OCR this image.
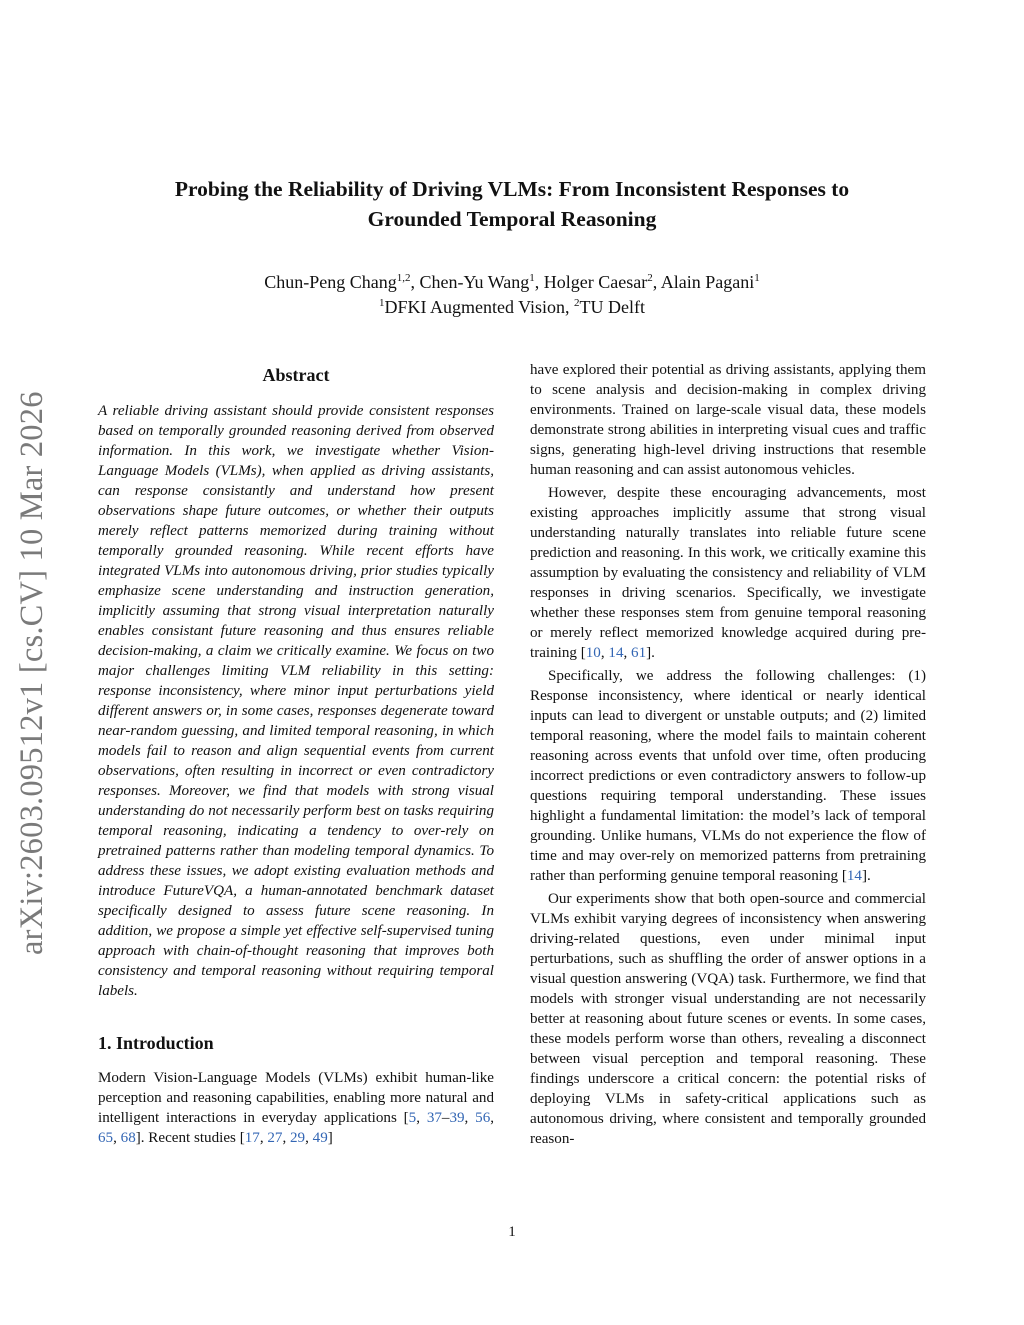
arXiv:2603.09512v1 [cs.CV] 10 Mar 2026
Probing the Reliability of Driving VLMs: From Inconsistent Responses to
Grounded Temporal Reasoning
Chun-Peng Chang$^{1,2}$, Chen-Yu Wang$^1$, Holger Caesar$^2$, Alain Pagani$^1$
$^1$DFKI Augmented Vision, $^2$TU Delft
Abstract

A reliable driving assistant should provide consistent responses based on temporally grounded reasoning derived from observed information. In this work, we investigate whether Vision-Language Models (VLMs), when applied as driving assistants, can response consistantly and understand how present observations shape future outcomes, or whether their outputs merely reflect patterns memorized during training without temporally grounded reasoning. While recent efforts have integrated VLMs into autonomous driving, prior studies typically emphasize scene understanding and instruction generation, implicitly assuming that strong visual interpretation naturally enables consistant future reasoning and thus ensures reliable decision-making, a claim we critically examine. We focus on two major challenges limiting VLM reliability in this setting: response inconsistency, where minor input perturbations yield different answers or, in some cases, responses degenerate toward near-random guessing, and limited temporal reasoning, in which models fail to reason and align sequential events from current observations, often resulting in incorrect or even contradictory responses. Moreover, we find that models with strong visual understanding do not necessarily perform best on tasks requiring temporal reasoning, indicating a tendency to over-rely on pretrained patterns rather than modeling temporal dynamics. To address these issues, we adopt existing evaluation methods and introduce FutureVQA, a human-annotated benchmark dataset specifically designed to assess future scene reasoning. In addition, we propose a simple yet effective self-supervised tuning approach with chain-of-thought reasoning that improves both consistency and temporal reasoning without requiring temporal labels.

1. Introduction

Modern Vision-Language Models (VLMs) exhibit human-like perception and reasoning capabilities, enabling more natural and intelligent interactions in everyday applications [5, 37–39, 56, 65, 68]. Recent studies [17, 27, 29, 49]

have explored their potential as driving assistants, applying them to scene analysis and decision-making in complex driving environments. Trained on large-scale visual data, these models demonstrate strong abilities in interpreting visual cues and traffic signs, generating high-level driving instructions that resemble human reasoning and can assist autonomous vehicles.

However, despite these encouraging advancements, most existing approaches implicitly assume that strong visual understanding naturally translates into reliable future scene prediction and reasoning. In this work, we critically examine this assumption by evaluating the consistency and reliability of VLM responses in driving scenarios. Specifically, we investigate whether these responses stem from genuine temporal reasoning or merely reflect memorized knowledge acquired during pre-training [10, 14, 61].

Specifically, we address the following challenges: (1) Response inconsistency, where identical or nearly identical inputs can lead to divergent or unstable outputs; and (2) limited temporal reasoning, where the model fails to maintain coherent reasoning across events that unfold over time, often producing incorrect predictions or even contradictory answers to follow-up questions requiring temporal understanding. These issues highlight a fundamental limitation: the model’s lack of temporal grounding. Unlike humans, VLMs do not experience the flow of time and may over-rely on memorized patterns from pretraining rather than performing genuine temporal reasoning [14].

Our experiments show that both open-source and commercial VLMs exhibit varying degrees of inconsistency when answering driving-related questions, even under minimal input perturbations, such as shuffling the order of answer options in a visual question answering (VQA) task. Furthermore, we find that models with stronger visual understanding are not necessarily better at reasoning about future scenes or events. In some cases, these models perform worse than others, revealing a disconnect between visual perception and temporal reasoning. These findings underscore a critical concern: the potential risks of deploying VLMs in safety-critical applications such as autonomous driving, where consistent and temporally grounded reason-

1
